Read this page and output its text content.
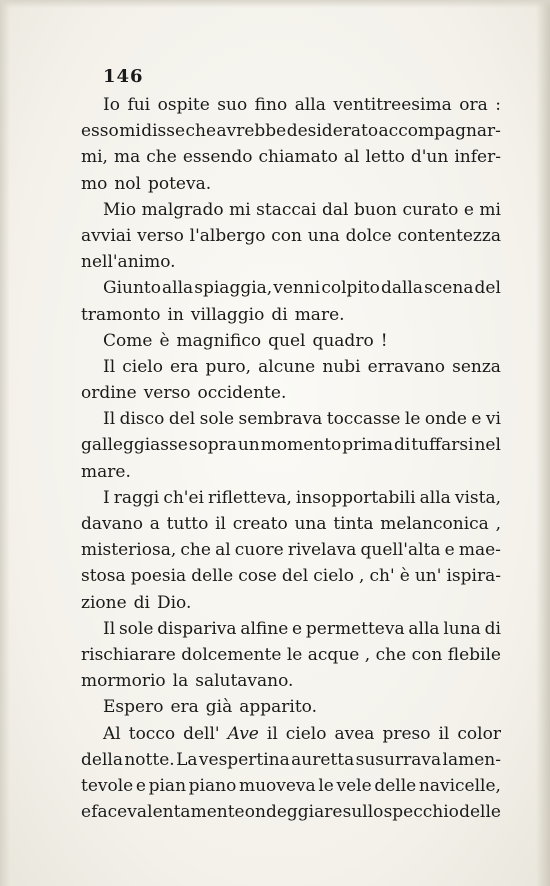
146
Io fui ospite suo fino alla ventitreesima ora :
esso mi disse che avrebbe desiderato accompagnar-
mi, ma che essendo chiamato al letto d'un infer-
mo nol poteva.
Mio malgrado mi staccai dal buon curato e mi
avviai verso l'albergo con una dolce contentezza
nell'animo.
Giunto alla spiaggia, venni colpito dalla scena del
tramonto in villaggio di mare.
Come è magnifico quel quadro !
Il cielo era puro, alcune nubi erravano senza
ordine verso occidente.
Il disco del sole sembrava toccasse le onde e vi
galleggiasse sopra un momento prima di tuffarsi nel
mare.
I raggi ch'ei rifletteva, insopportabili alla vista,
davano a tutto il creato una tinta melanconica ,
misteriosa, che al cuore rivelava quell'alta e mae-
stosa poesia delle cose del cielo , ch' è un' ispira-
zione di Dio.
Il sole dispariva alfine e permetteva alla luna di
rischiarare dolcemente le acque , che con flebile
mormorio la salutavano.
Espero era già apparito.
Al tocco dell' Ave il cielo avea preso il color
della notte. La vespertina auretta susurrava lamen-
tevole e pian piano muoveva le vele delle navicelle,
e faceva lentamente ondeggiare sullo specchio delle
